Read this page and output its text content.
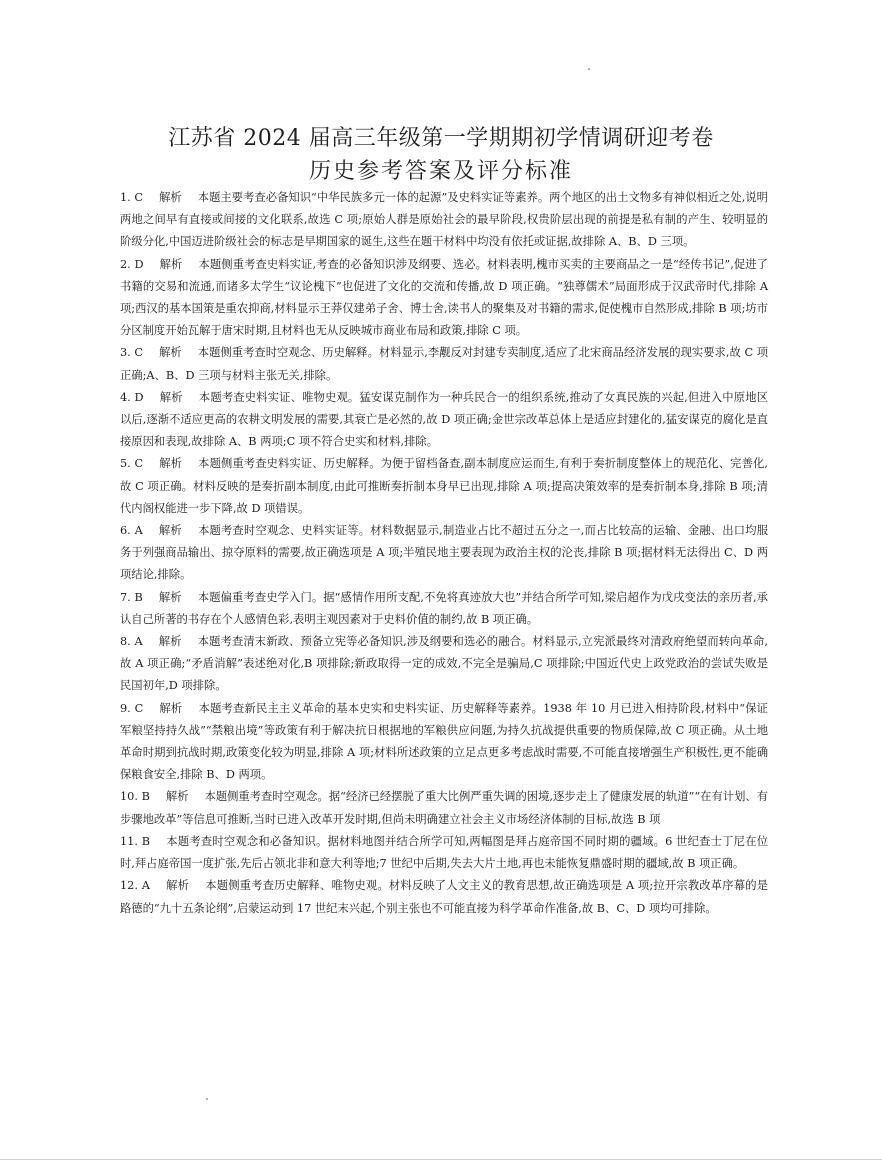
江苏省 2024 届高三年级第一学期期初学情调研迎考卷
历史参考答案及评分标准

1. C 解析 本题主要考查必备知识“中华民族多元一体的起源”及史料实证等素养。两个地区的出土文物多有神似相近之处,说明两地之间早有直接或间接的文化联系,故选 C 项;原始人群是原始社会的最早阶段,权贵阶层出现的前提是私有制的产生、较明显的阶级分化,中国迈进阶级社会的标志是早期国家的诞生,这些在题干材料中均没有依托或证据,故排除 A、B、D 三项。

2. D 解析 本题侧重考查史料实证,考查的必备知识涉及纲要、选必。材料表明,槐市买卖的主要商品之一是“经传书记”,促进了书籍的交易和流通,而诸多太学生“议论槐下”也促进了文化的交流和传播,故 D 项正确。“独尊儒术”局面形成于汉武帝时代,排除 A 项;西汉的基本国策是重农抑商,材料显示王莽仅建弟子舍、博士舍,读书人的聚集及对书籍的需求,促使槐市自然形成,排除 B 项;坊市分区制度开始瓦解于唐宋时期,且材料也无从反映城市商业布局和政策,排除 C 项。

3. C 解析 本题侧重考查时空观念、历史解释。材料显示,李觏反对封建专卖制度,适应了北宋商品经济发展的现实要求,故 C 项正确;A、B、D 三项与材料主张无关,排除。

4. D 解析 本题考查史料实证、唯物史观。猛安谋克制作为一种兵民合一的组织系统,推动了女真民族的兴起,但进入中原地区以后,逐渐不适应更高的农耕文明发展的需要,其衰亡是必然的,故 D 项正确;金世宗改革总体上是适应封建化的,猛安谋克的腐化是直接原因和表现,故排除 A、B 两项;C 项不符合史实和材料,排除。

5. C 解析 本题侧重考查史料实证、历史解释。为便于留档备查,副本制度应运而生,有利于奏折制度整体上的规范化、完善化,故 C 项正确。材料反映的是奏折副本制度,由此可推断奏折制本身早已出现,排除 A 项;提高决策效率的是奏折制本身,排除 B 项;清代内阁权能进一步下降,故 D 项错误。

6. A 解析 本题考查时空观念、史料实证等。材料数据显示,制造业占比不超过五分之一,而占比较高的运输、金融、出口均服务于列强商品输出、掠夺原料的需要,故正确选项是 A 项;半殖民地主要表现为政治主权的沦丧,排除 B 项;据材料无法得出 C、D 两项结论,排除。

7. B 解析 本题偏重考查史学入门。据“感情作用所支配,不免将真迹放大也”并结合所学可知,梁启超作为戊戌变法的亲历者,承认自己所著的书存在个人感情色彩,表明主观因素对于史料价值的制约,故 B 项正确。

8. A 解析 本题考查清末新政、预备立宪等必备知识,涉及纲要和选必的融合。材料显示,立宪派最终对清政府绝望而转向革命,故 A 项正确;“矛盾消解”表述绝对化,B 项排除;新政取得一定的成效,不完全是骗局,C 项排除;中国近代史上政党政治的尝试失败是民国初年,D 项排除。

9. C 解析 本题考查新民主主义革命的基本史实和史料实证、历史解释等素养。1938 年 10 月已进入相持阶段,材料中“保证军粮坚持持久战”“禁粮出境”等政策有利于解决抗日根据地的军粮供应问题,为持久抗战提供重要的物质保障,故 C 项正确。从土地革命时期到抗战时期,政策变化较为明显,排除 A 项;材料所述政策的立足点更多考虑战时需要,不可能直接增强生产积极性,更不能确保粮食安全,排除 B、D 两项。

10. B 解析 本题侧重考查时空观念。据“经济已经摆脱了重大比例严重失调的困境,逐步走上了健康发展的轨道”“在有计划、有步骤地改革”等信息可推断,当时已进入改革开发时期,但尚未明确建立社会主义市场经济体制的目标,故选 B 项

11. B 本题考查时空观念和必备知识。据材料地图并结合所学可知,两幅图是拜占庭帝国不同时期的疆域。6 世纪查士丁尼在位时,拜占庭帝国一度扩张,先后占领北非和意大利等地;7 世纪中后期,失去大片土地,再也未能恢复鼎盛时期的疆域,故 B 项正确。

12. A 解析 本题侧重考查历史解释、唯物史观。材料反映了人文主义的教育思想,故正确选项是 A 项;拉开宗教改革序幕的是路德的“九十五条论纲”,启蒙运动到 17 世纪末兴起,个别主张也不可能直接为科学革命作准备,故 B、C、D 项均可排除。
